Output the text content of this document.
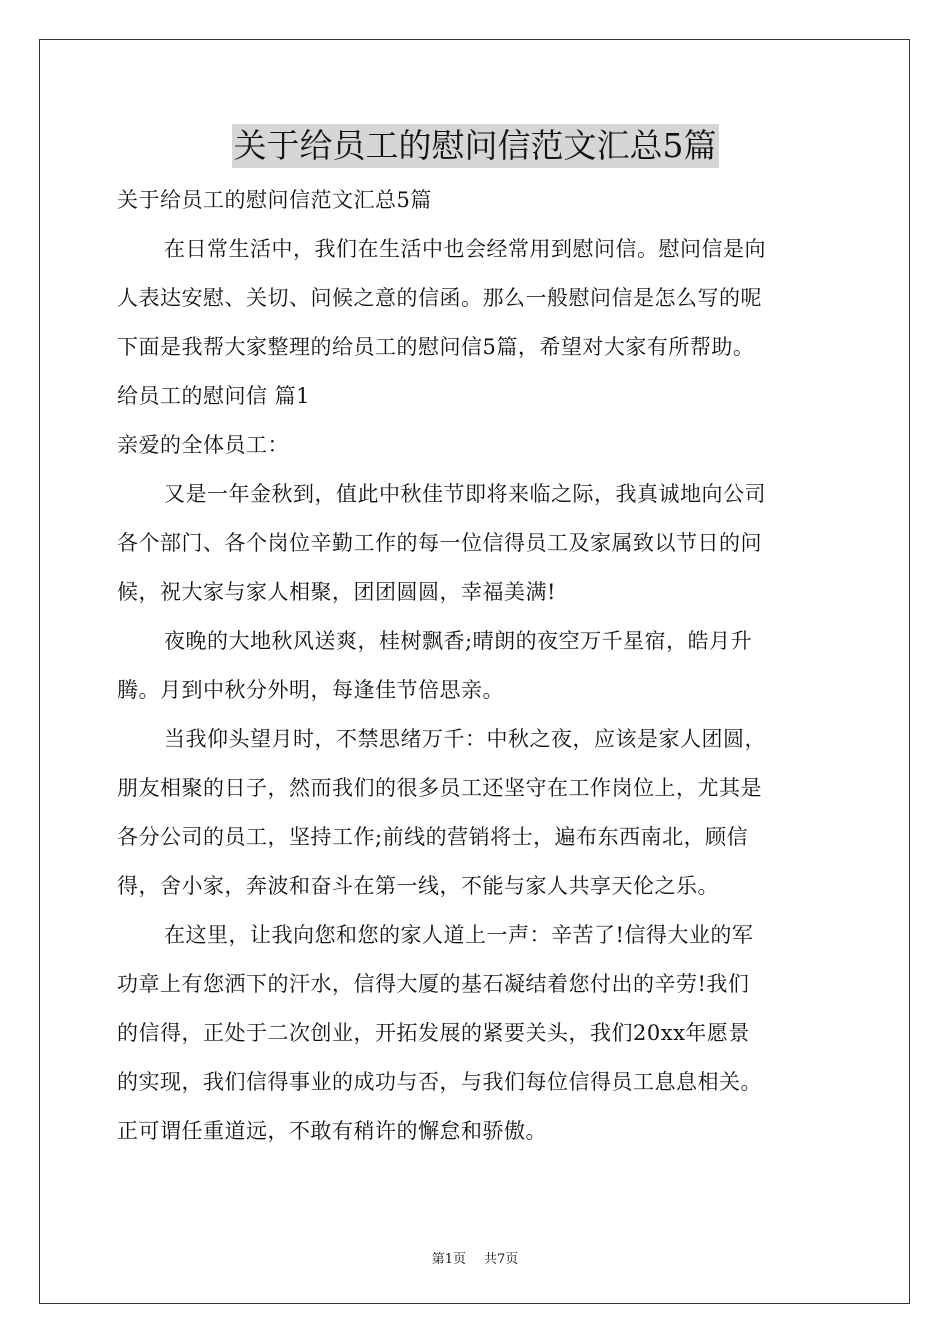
关于给员工的慰问信范文汇总5篇
关于给员工的慰问信范文汇总5篇
在日常生活中，我们在生活中也会经常用到慰问信。慰问信是向
人表达安慰、关切、问候之意的信函。那么一般慰问信是怎么写的呢
下面是我帮大家整理的给员工的慰问信5篇，希望对大家有所帮助。
给员工的慰问信 篇1
亲爱的全体员工：
又是一年金秋到，值此中秋佳节即将来临之际，我真诚地向公司
各个部门、各个岗位辛勤工作的每一位信得员工及家属致以节日的问
候，祝大家与家人相聚，团团圆圆，幸福美满!
夜晚的大地秋风送爽，桂树飘香;晴朗的夜空万千星宿，皓月升
腾。月到中秋分外明，每逢佳节倍思亲。
当我仰头望月时，不禁思绪万千：中秋之夜，应该是家人团圆，
朋友相聚的日子，然而我们的很多员工还坚守在工作岗位上，尤其是
各分公司的员工，坚持工作;前线的营销将士，遍布东西南北，顾信
得，舍小家，奔波和奋斗在第一线，不能与家人共享天伦之乐。
在这里，让我向您和您的家人道上一声：辛苦了!信得大业的军
功章上有您洒下的汗水，信得大厦的基石凝结着您付出的辛劳!我们
的信得，正处于二次创业，开拓发展的紧要关头，我们20xx年愿景
的实现，我们信得事业的成功与否，与我们每位信得员工息息相关。
正可谓任重道远，不敢有稍许的懈怠和骄傲。
第1页 共7页
